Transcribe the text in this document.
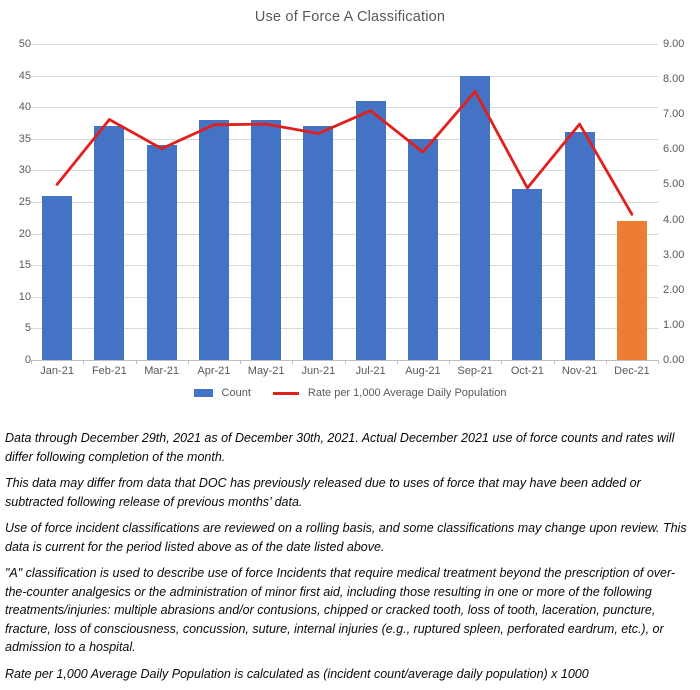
Use of Force A Classification
0
5
10
15
20
25
30
35
40
45
50
0.00
1.00
2.00
3.00
4.00
5.00
6.00
7.00
8.00
9.00
Jan-21	Feb-21	Mar-21	Apr-21	May-21	Jun-21	Jul-21	Aug-21	Sep-21	Oct-21	Nov-21	Dec-21
Count	Rate per 1,000 Average Daily Population

Data through December 29th, 2021 as of December 30th, 2021. Actual December 2021 use of force counts and rates will differ following completion of the month.

This data may differ from data that DOC has previously released due to uses of force that may have been added or subtracted following release of previous months’ data.

Use of force incident classifications are reviewed on a rolling basis, and some classifications may change upon review. This data is current for the period listed above as of the date listed above.

"A" classification is used to describe use of force Incidents that require medical treatment beyond the prescription of over-the-counter analgesics or the administration of minor first aid, including those resulting in one or more of the following treatments/injuries: multiple abrasions and/or contusions, chipped or cracked tooth, loss of tooth, laceration, puncture, fracture, loss of consciousness, concussion, suture, internal injuries (e.g., ruptured spleen, perforated eardrum, etc.), or admission to a hospital.

Rate per 1,000 Average Daily Population is calculated as (incident count/average daily population) x 1000
